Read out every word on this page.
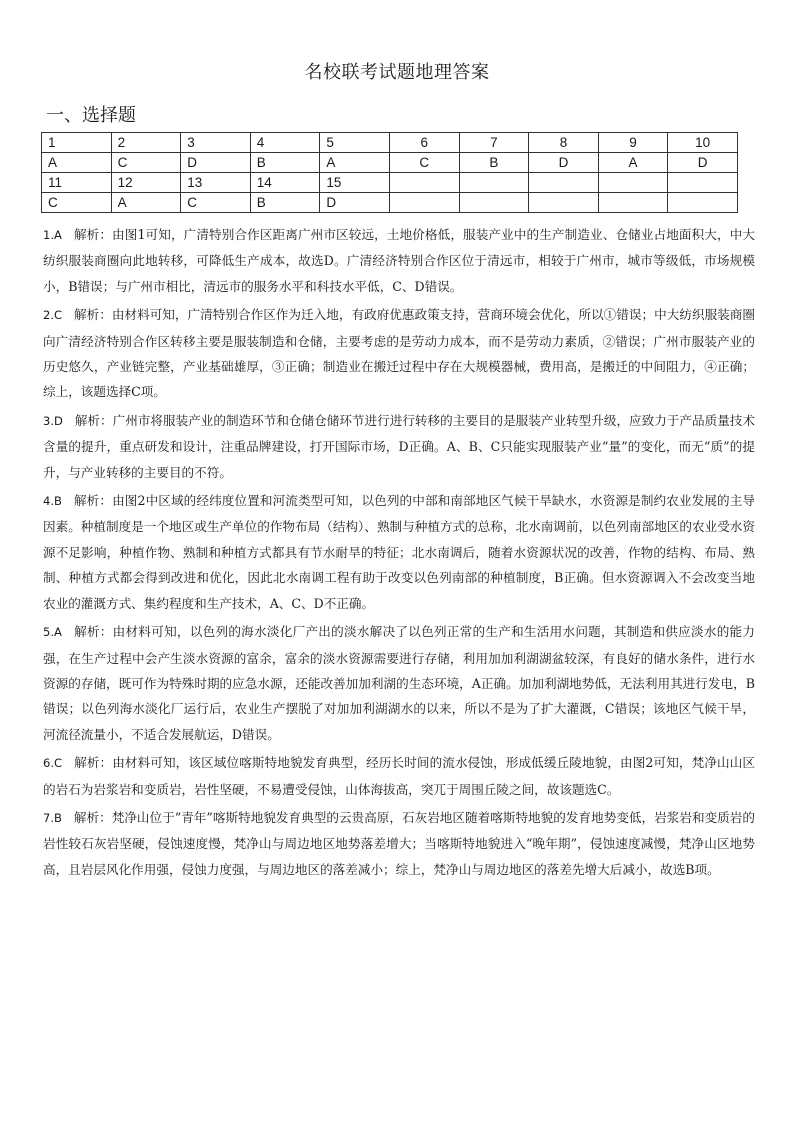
名校联考试题地理答案
一、选择题
1	2	3	4	5	6	7	8	9	10
A	C	D	B	A	C	B	D	A	D
11	12	13	14	15					
C	A	C	B	D					

1.A 解析：由图1可知，广清特别合作区距离广州市区较远，土地价格低，服装产业中的生产制造业、仓储业占地面积大，中大纺织服装商圈向此地转移，可降低生产成本，故选D。广清经济特别合作区位于清远市，相较于广州市，城市等级低，市场规模小，B错误；与广州市相比，清远市的服务水平和科技水平低，C、D错误。

2.C 解析：由材料可知，广清特别合作区作为迁入地，有政府优惠政策支持，营商环境会优化，所以①错误；中大纺织服装商圈向广清经济特别合作区转移主要是服装制造和仓储，主要考虑的是劳动力成本，而不是劳动力素质，②错误；广州市服装产业的历史悠久，产业链完整，产业基础雄厚，③正确；制造业在搬迁过程中存在大规模器械，费用高，是搬迁的中间阻力，④正确；综上，该题选择C项。

3.D 解析：广州市将服装产业的制造环节和仓储仓储环节进行进行转移的主要目的是服装产业转型升级，应致力于产品质量技术含量的提升，重点研发和设计，注重品牌建设，打开国际市场，D正确。A、B、C只能实现服装产业“量”的变化，而无“质”的提升，与产业转移的主要目的不符。

4.B 解析：由图2中区域的经纬度位置和河流类型可知，以色列的中部和南部地区气候干旱缺水，水资源是制约农业发展的主导因素。种植制度是一个地区或生产单位的作物布局（结构）、熟制与种植方式的总称，北水南调前，以色列南部地区的农业受水资源不足影响，种植作物、熟制和种植方式都具有节水耐旱的特征；北水南调后，随着水资源状况的改善，作物的结构、布局、熟制、种植方式都会得到改进和优化，因此北水南调工程有助于改变以色列南部的种植制度，B正确。但水资源调入不会改变当地农业的灌溉方式、集约程度和生产技术，A、C、D不正确。

5.A 解析：由材料可知，以色列的海水淡化厂产出的淡水解决了以色列正常的生产和生活用水问题，其制造和供应淡水的能力强，在生产过程中会产生淡水资源的富余，富余的淡水资源需要进行存储，利用加加利湖湖盆较深，有良好的储水条件，进行水资源的存储，既可作为特殊时期的应急水源，还能改善加加利湖的生态环境，A正确。加加利湖地势低，无法利用其进行发电，B错误；以色列海水淡化厂运行后，农业生产摆脱了对加加利湖湖水的以来，所以不是为了扩大灌溉，C错误；该地区气候干旱，河流径流量小，不适合发展航运，D错误。

6.C 解析：由材料可知，该区域位喀斯特地貌发育典型，经历长时间的流水侵蚀，形成低缓丘陵地貌，由图2可知，梵净山山区的岩石为岩浆岩和变质岩，岩性坚硬，不易遭受侵蚀，山体海拔高，突兀于周围丘陵之间，故该题选C。

7.B 解析：梵净山位于“青年”喀斯特地貌发育典型的云贵高原，石灰岩地区随着喀斯特地貌的发育地势变低，岩浆岩和变质岩的岩性较石灰岩坚硬，侵蚀速度慢，梵净山与周边地区地势落差增大；当喀斯特地貌进入“晚年期”，侵蚀速度减慢，梵净山区地势高，且岩层风化作用强，侵蚀力度强，与周边地区的落差减小；综上，梵净山与周边地区的落差先增大后减小，故选B项。
